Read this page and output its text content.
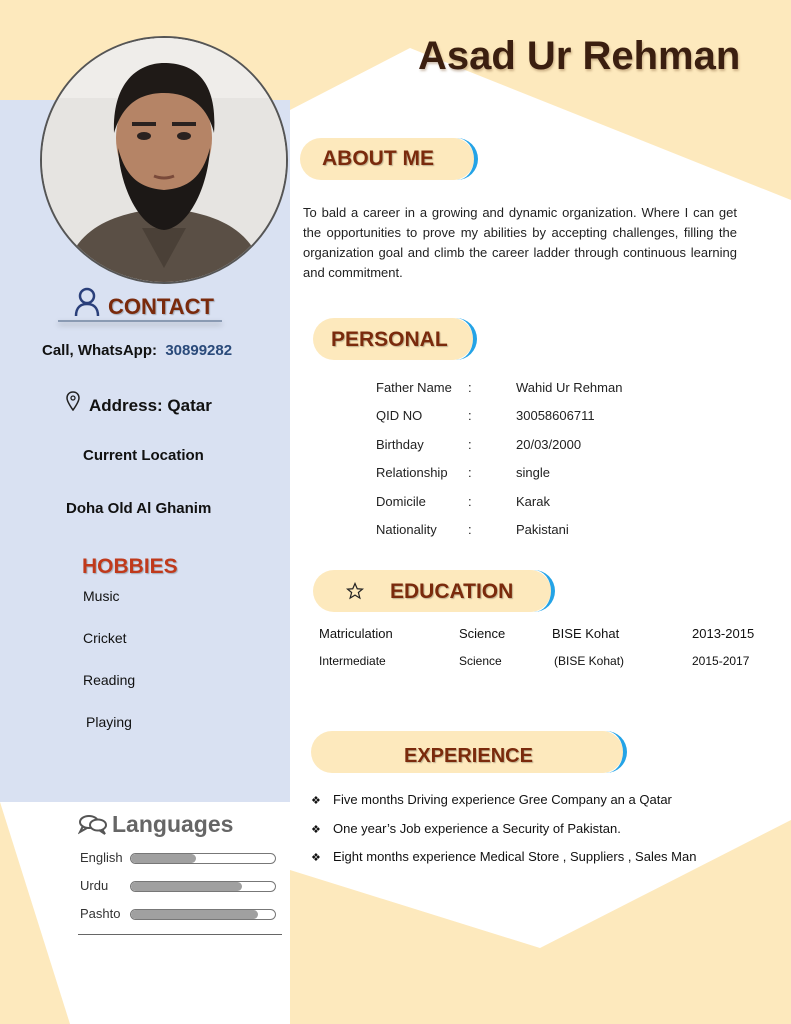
Asad Ur Rehman
CONTACT
Call, WhatsApp: 30899282
Address: Qatar
Current Location
Doha Old Al Ghanim
HOBBIES
Music
Cricket
Reading
Playing
Languages
English
Urdu
Pashto
ABOUT ME
To bald a career in a growing and dynamic organization. Where I can get the opportunities to prove my abilities by accepting challenges, filling the organization goal and climb the career ladder through continuous learning and commitment.
PERSONAL
Father Name :	Wahid Ur Rehman
QID NO	:	30058606711
Birthday	:	20/03/2000
Relationship :	single
Domicile	:	Karak
Nationality :	Pakistani
EDUCATION
Matriculation	Science	BISE Kohat	2013-2015
Intermediate	Science	(BISE Kohat)	2015-2017
EXPERIENCE
❖ Five months Driving experience Gree Company an a Qatar
❖ One year’s Job experience a Security of Pakistan.
❖ Eight months experience Medical Store , Suppliers , Sales Man
